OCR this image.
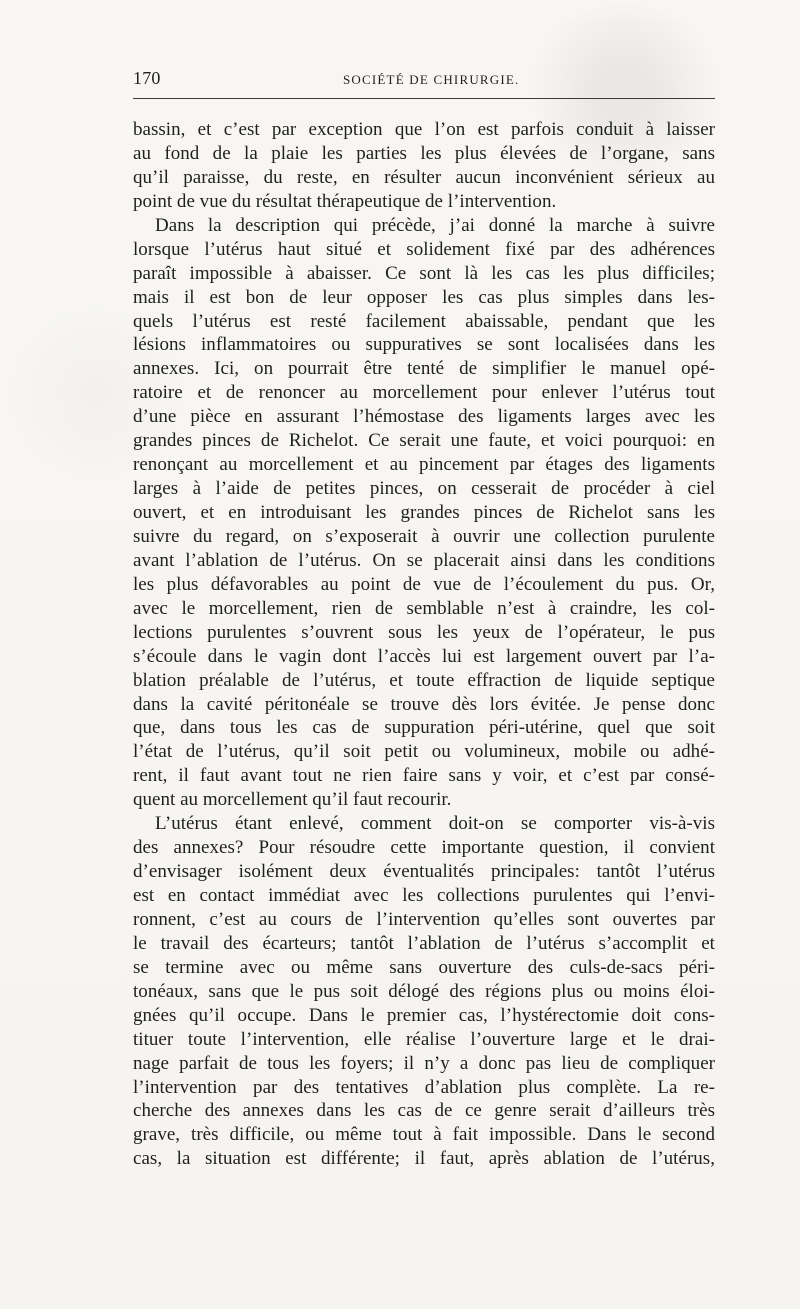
170	SOCIÉTÉ DE CHIRURGIE.
bassin, et c’est par exception que l’on est parfois conduit à laisser
au fond de la plaie les parties les plus élevées de l’organe, sans
qu’il paraisse, du reste, en résulter aucun inconvénient sérieux au
point de vue du résultat thérapeutique de l’intervention.
Dans la description qui précède, j’ai donné la marche à suivre
lorsque l’utérus haut situé et solidement fixé par des adhérences
paraît impossible à abaisser. Ce sont là les cas les plus difficiles;
mais il est bon de leur opposer les cas plus simples dans les-
quels l’utérus est resté facilement abaissable, pendant que les
lésions inflammatoires ou suppuratives se sont localisées dans les
annexes. Ici, on pourrait être tenté de simplifier le manuel opé-
ratoire et de renoncer au morcellement pour enlever l’utérus tout
d’une pièce en assurant l’hémostase des ligaments larges avec les
grandes pinces de Richelot. Ce serait une faute, et voici pourquoi: en
renonçant au morcellement et au pincement par étages des ligaments
larges à l’aide de petites pinces, on cesserait de procéder à ciel
ouvert, et en introduisant les grandes pinces de Richelot sans les
suivre du regard, on s’exposerait à ouvrir une collection purulente
avant l’ablation de l’utérus. On se placerait ainsi dans les conditions
les plus défavorables au point de vue de l’écoulement du pus. Or,
avec le morcellement, rien de semblable n’est à craindre, les col-
lections purulentes s’ouvrent sous les yeux de l’opérateur, le pus
s’écoule dans le vagin dont l’accès lui est largement ouvert par l’a-
blation préalable de l’utérus, et toute effraction de liquide septique
dans la cavité péritonéale se trouve dès lors évitée. Je pense donc
que, dans tous les cas de suppuration péri-utérine, quel que soit
l’état de l’utérus, qu’il soit petit ou volumineux, mobile ou adhé-
rent, il faut avant tout ne rien faire sans y voir, et c’est par consé-
quent au morcellement qu’il faut recourir.
L’utérus étant enlevé, comment doit-on se comporter vis-à-vis
des annexes? Pour résoudre cette importante question, il convient
d’envisager isolément deux éventualités principales: tantôt l’utérus
est en contact immédiat avec les collections purulentes qui l’envi-
ronnent, c’est au cours de l’intervention qu’elles sont ouvertes par
le travail des écarteurs; tantôt l’ablation de l’utérus s’accomplit et
se termine avec ou même sans ouverture des culs-de-sacs péri-
tonéaux, sans que le pus soit délogé des régions plus ou moins éloi-
gnées qu’il occupe. Dans le premier cas, l’hystérectomie doit cons-
tituer toute l’intervention, elle réalise l’ouverture large et le drai-
nage parfait de tous les foyers; il n’y a donc pas lieu de compliquer
l’intervention par des tentatives d’ablation plus complète. La re-
cherche des annexes dans les cas de ce genre serait d’ailleurs très
grave, très difficile, ou même tout à fait impossible. Dans le second
cas, la situation est différente; il faut, après ablation de l’utérus,
